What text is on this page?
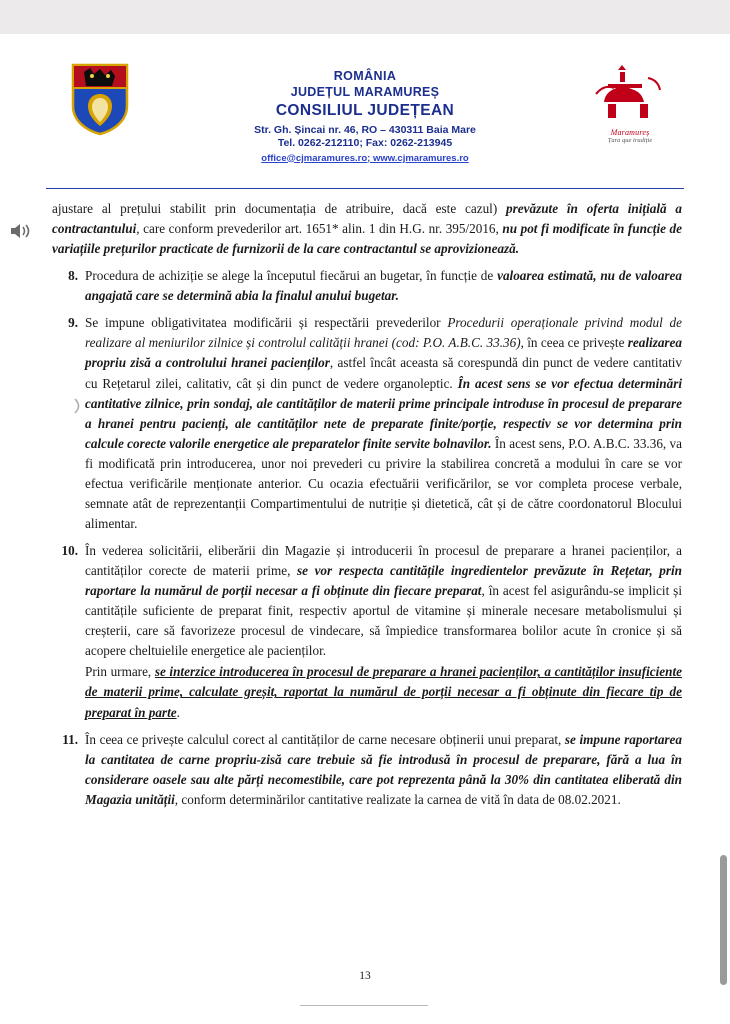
ROMÂNIA
JUDEȚUL MARAMUREȘ
CONSILIUL JUDEȚEAN
Str. Gh. Șincai nr. 46, RO – 430311 Baia Mare
Tel. 0262-212110; Fax: 0262-213945
office@cjmaramures.ro; www.cjmaramures.ro
Maramureș
Țara que tradiție
ajustare al prețului stabilit prin documentația de atribuire, dacă este cazul) prevăzute în oferta inițială a contractantului, care conform prevederilor art. 1651* alin. 1 din H.G. nr. 395/2016, nu pot fi modificate în funcție de variațiile prețurilor practicate de furnizorii de la care contractantul se aprovizionează.
8. Procedura de achiziție se alege la începutul fiecărui an bugetar, în funcție de valoarea estimată, nu de valoarea angajată care se determină abia la finalul anului bugetar.
9. Se impune obligativitatea modificării și respectării prevederilor Procedurii operaționale privind modul de realizare al meniurilor zilnice și controlul calității hranei (cod: P.O. A.B.C. 33.36), în ceea ce privește realizarea propriu zisă a controlului hranei pacienților, astfel încât aceasta să corespundă din punct de vedere cantitativ cu Rețetarul zilei, calitativ, cât și din punct de vedere organoleptic. În acest sens se vor efectua determinări cantitative zilnice, prin sondaj, ale cantităților de materii prime principale introduse în procesul de preparare a hranei pentru pacienți, ale cantităților nete de preparate finite/porție, respectiv se vor determina prin calcule corecte valorile energetice ale preparatelor finite servite bolnavilor. În acest sens, P.O. A.B.C. 33.36, va fi modificată prin introducerea, unor noi prevederi cu privire la stabilirea concretă a modului în care se vor efectua verificările menționate anterior. Cu ocazia efectuării verificărilor, se vor completa procese verbale, semnate atât de reprezentanții Compartimentului de nutriție și dietetică, cât și de către coordonatorul Blocului alimentar.
10. În vederea solicitării, eliberării din Magazie și introducerii în procesul de preparare a hranei pacienților, a cantităților corecte de materii prime, se vor respecta cantitățile ingredientelor prevăzute în Rețetar, prin raportare la numărul de porții necesar a fi obținute din fiecare preparat, în acest fel asigurându-se implicit și cantitățile suficiente de preparat finit, respectiv aportul de vitamine și minerale necesare metabolismului și creșterii, care să favorizeze procesul de vindecare, să împiedice transformarea bolilor acute în cronice și să acopere cheltuielile energetice ale pacienților.
Prin urmare, se interzice introducerea în procesul de preparare a hranei pacienților, a cantităților insuficiente de materii prime, calculate greșit, raportat la numărul de porții necesar a fi obținute din fiecare tip de preparat în parte.
11. În ceea ce privește calculul corect al cantităților de carne necesare obținerii unui preparat, se impune raportarea la cantitatea de carne propriu-zisă care trebuie să fie introdusă în procesul de preparare, fără a lua în considerare oasele sau alte părți necomestibile, care pot reprezenta până la 30% din cantitatea eliberată din Magazia unității, conform determinărilor cantitative realizate la carnea de vită în data de 08.02.2021.
13
